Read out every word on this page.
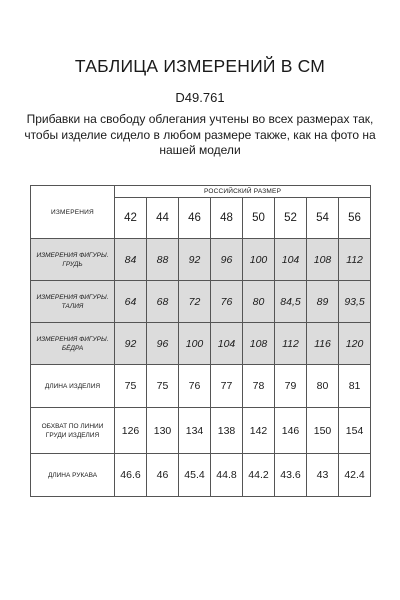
ТАБЛИЦА ИЗМЕРЕНИЙ В СМ
D49.761
Прибавки на свободу облегания учтены во всех размерах так, чтобы изделие сидело в любом размере также, как на фото на нашей модели
ИЗМЕРЕНИЯ	РОССИЙСКИЙ РАЗМЕР							
	42	44	46	48	50	52	54	56
ИЗМЕРЕНИЯ ФИГУРЫ. ГРУДЬ	84	88	92	96	100	104	108	112
ИЗМЕРЕНИЯ ФИГУРЫ. ТАЛИЯ	64	68	72	76	80	84,5	89	93,5
ИЗМЕРЕНИЯ ФИГУРЫ. БЁДРА	92	96	100	104	108	112	116	120
ДЛИНА ИЗДЕЛИЯ	75	75	76	77	78	79	80	81
ОБХВАТ ПО ЛИНИИ ГРУДИ ИЗДЕЛИЯ	126	130	134	138	142	146	150	154
ДЛИНА РУКАВА	46.6	46	45.4	44.8	44.2	43.6	43	42.4
